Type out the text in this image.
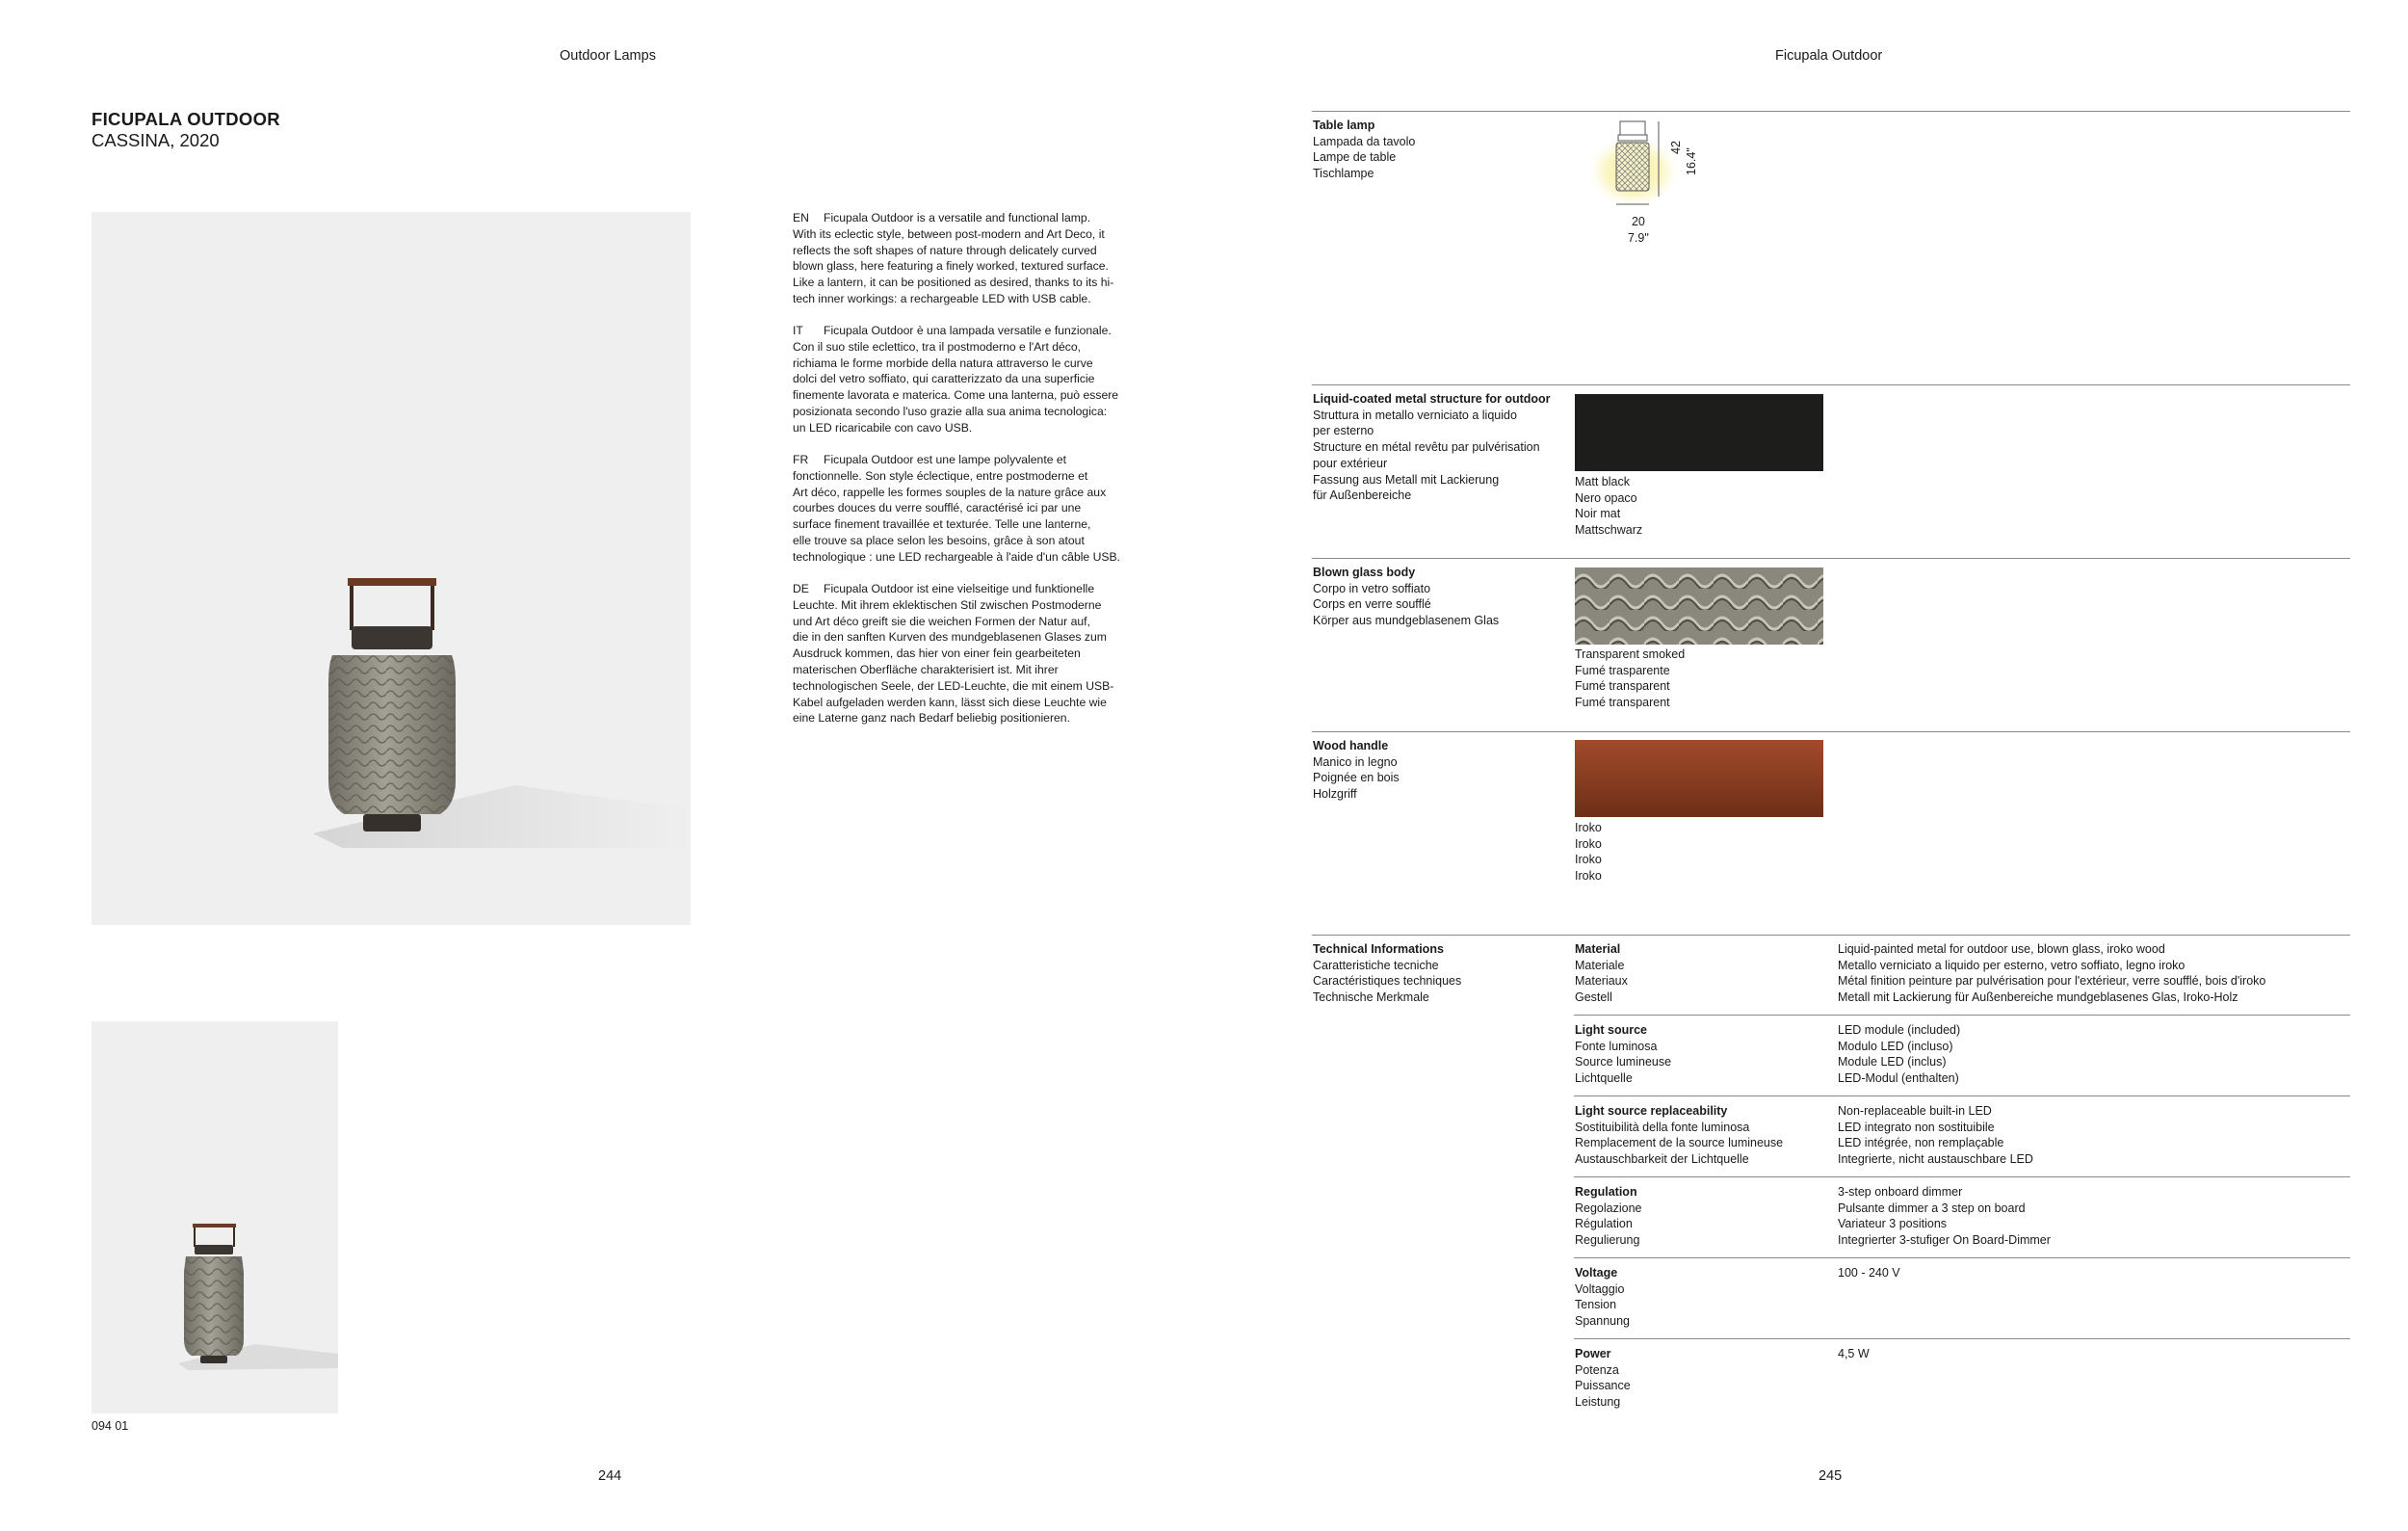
Outdoor Lamps	Ficupala Outdoor
FICUPALA OUTDOOR
CASSINA, 2020
094 01

EN Ficupala Outdoor is a versatile and functional lamp.

With its eclectic style, between post-modern and Art Deco, it

reflects the soft shapes of nature through delicately curved

blown glass, here featuring a finely worked, textured surface.

Like a lantern, it can be positioned as desired, thanks to its hi-

tech inner workings: a rechargeable LED with USB cable.

IT Ficupala Outdoor è una lampada versatile e funzionale.

Con il suo stile eclettico, tra il postmoderno e l'Art déco,

richiama le forme morbide della natura attraverso le curve

dolci del vetro soffiato, qui caratterizzato da una superficie

finemente lavorata e materica. Come una lanterna, può essere

posizionata secondo l'uso grazie alla sua anima tecnologica:

un LED ricaricabile con cavo USB.

FR Ficupala Outdoor est une lampe polyvalente et

fonctionnelle. Son style éclectique, entre postmoderne et

Art déco, rappelle les formes souples de la nature grâce aux

courbes douces du verre soufflé, caractérisé ici par une

surface finement travaillée et texturée. Telle une lanterne,

elle trouve sa place selon les besoins, grâce à son atout

technologique : une LED rechargeable à l'aide d'un câble USB.

DE Ficupala Outdoor ist eine vielseitige und funktionelle

Leuchte. Mit ihrem eklektischen Stil zwischen Postmoderne

und Art déco greift sie die weichen Formen der Natur auf,

die in den sanften Kurven des mundgeblasenen Glases zum

Ausdruck kommen, das hier von einer fein gearbeiteten

materischen Oberfläche charakterisiert ist. Mit ihrer

technologischen Seele, der LED-Leuchte, die mit einem USB-

Kabel aufgeladen werden kann, lässt sich diese Leuchte wie

eine Laterne ganz nach Bedarf beliebig positionieren.

Table lamp
Lampada da tavolo
Lampe de table
Tischlampe
42
16.4"
20
7.9"
Liquid-coated metal structure for outdoor
Struttura in metallo verniciato a liquido
per esterno
Structure en métal revêtu par pulvérisation
pour extérieur
Fassung aus Metall mit Lackierung
für Außenbereiche
Matt black
Nero opaco
Noir mat
Mattschwarz
Blown glass body
Corpo in vetro soffiato
Corps en verre soufflé
Körper aus mundgeblasenem Glas
Transparent smoked
Fumé trasparente
Fumé transparent
Fumé transparent
Wood handle
Manico in legno
Poignée en bois
Holzgriff
Iroko
Iroko
Iroko
Iroko
Technical Informations
Caratteristiche tecniche
Caractéristiques techniques
Technische Merkmale
Material
Materiale
Materiaux
Gestell
Liquid-painted metal for outdoor use, blown glass, iroko wood
Metallo verniciato a liquido per esterno, vetro soffiato, legno iroko
Métal finition peinture par pulvérisation pour l'extérieur, verre soufflé, bois d'iroko
Metall mit Lackierung für Außenbereiche mundgeblasenes Glas, Iroko-Holz
Light source
Fonte luminosa
Source lumineuse
Lichtquelle
LED module (included)
Modulo LED (incluso)
Module LED (inclus)
LED-Modul (enthalten)
Light source replaceability
Sostituibilità della fonte luminosa
Remplacement de la source lumineuse
Austauschbarkeit der Lichtquelle
Non-replaceable built-in LED
LED integrato non sostituibile
LED intégrée, non remplaçable
Integrierte, nicht austauschbare LED
Regulation
Regolazione
Régulation
Regulierung
3-step onboard dimmer
Pulsante dimmer a 3 step on board
Variateur 3 positions
Integrierter 3-stufiger On Board-Dimmer
Voltage
Voltaggio
Tension
Spannung
100 - 240 V
Power
Potenza
Puissance
Leistung
4,5 W
244	245
